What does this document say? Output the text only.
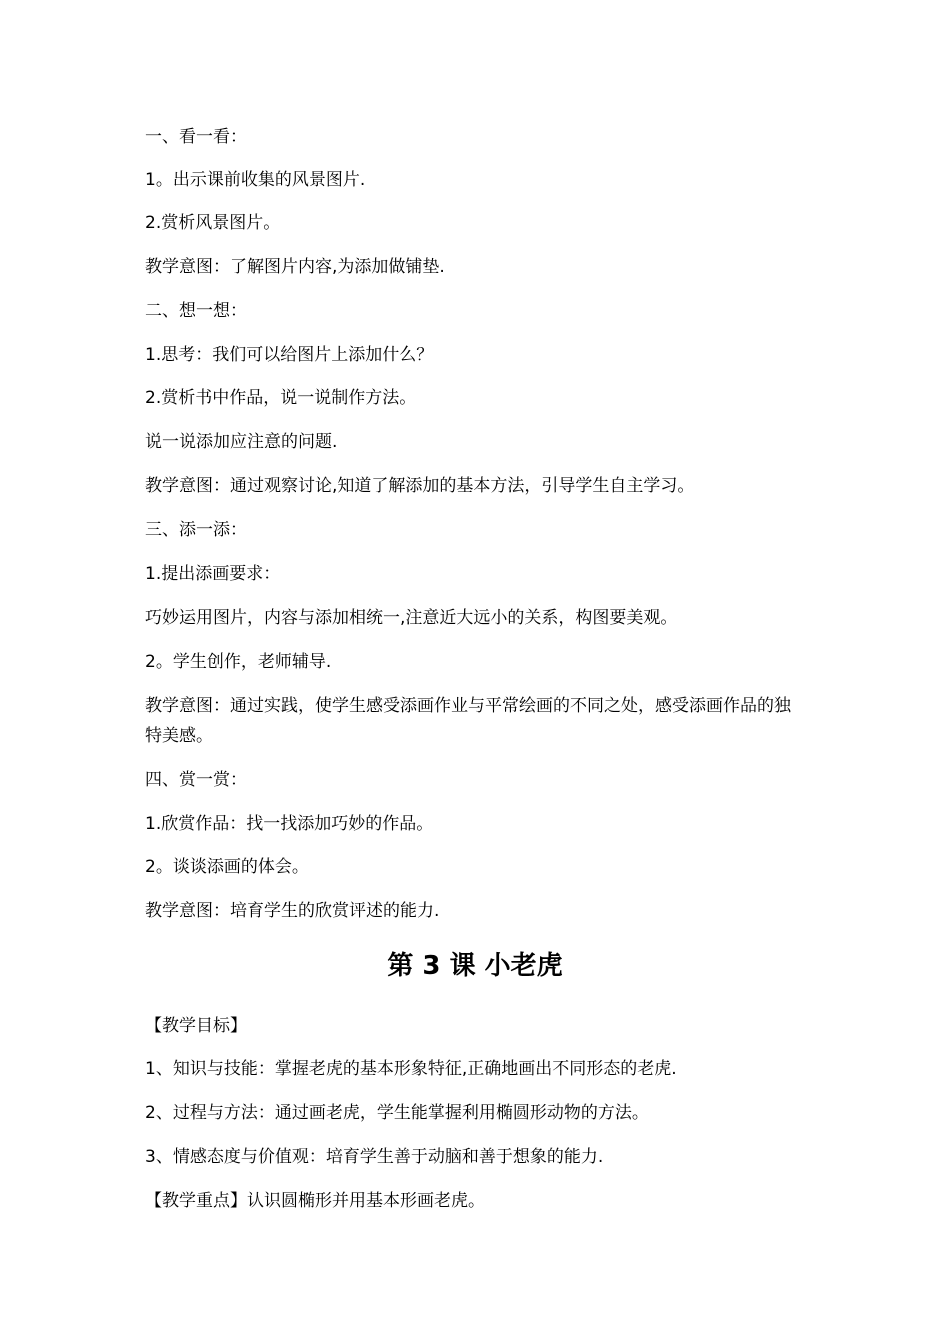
一、看一看：
1。出示课前收集的风景图片.
2.赏析风景图片。
教学意图：了解图片内容,为添加做铺垫.
二、想一想：
1.思考：我们可以给图片上添加什么？
2.赏析书中作品，说一说制作方法。
说一说添加应注意的问题.
教学意图：通过观察讨论,知道了解添加的基本方法，引导学生自主学习。
三、添一添：
1.提出添画要求：
巧妙运用图片，内容与添加相统一,注意近大远小的关系，构图要美观。
2。学生创作，老师辅导.
教学意图：通过实践，使学生感受添画作业与平常绘画的不同之处，感受添画作品的独特美感。
四、赏一赏：
1.欣赏作品：找一找添加巧妙的作品。
2。谈谈添画的体会。
教学意图：培育学生的欣赏评述的能力.
第 3 课 小老虎
【教学目标】
1、知识与技能：掌握老虎的基本形象特征,正确地画出不同形态的老虎.
2、过程与方法：通过画老虎，学生能掌握利用椭圆形动物的方法。
3、情感态度与价值观：培育学生善于动脑和善于想象的能力.
【教学重点】认识圆椭形并用基本形画老虎。
